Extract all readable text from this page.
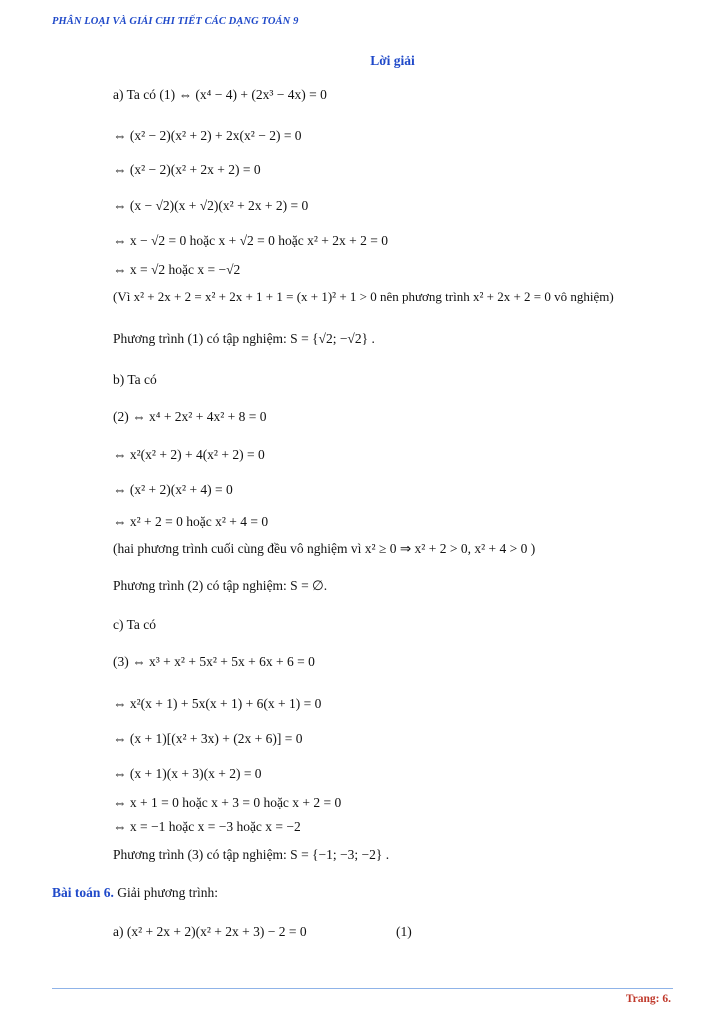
PHÂN LOẠI VÀ GIẢI CHI TIẾT CÁC DẠNG TOÁN 9
Lời giải
a) Ta có (1) ⇔ (x⁴ − 4) + (2x³ − 4x) = 0
⇔ (x² − 2)(x² + 2) + 2x(x² − 2) = 0
⇔ (x² − 2)(x² + 2x + 2) = 0
⇔ (x − √2)(x + √2)(x² + 2x + 2) = 0
⇔ x − √2 = 0 hoặc x + √2 = 0 hoặc x² + 2x + 2 = 0
⇔ x = √2 hoặc x = −√2
(Vì x² + 2x + 2 = x² + 2x + 1 + 1 = (x + 1)² + 1 > 0 nên phương trình x² + 2x + 2 = 0 vô nghiệm)
Phương trình (1) có tập nghiệm: S = {√2; −√2} .
b) Ta có
(2) ⇔ x⁴ + 2x² + 4x² + 8 = 0
⇔ x²(x² + 2) + 4(x² + 2) = 0
⇔ (x² + 2)(x² + 4) = 0
⇔ x² + 2 = 0 hoặc x² + 4 = 0
(hai phương trình cuối cùng đều vô nghiệm vì x² ≥ 0 ⇒ x² + 2 > 0, x² + 4 > 0 )
Phương trình (2) có tập nghiệm: S = ∅.
c) Ta có
(3) ⇔ x³ + x² + 5x² + 5x + 6x + 6 = 0
⇔ x²(x + 1) + 5x(x + 1) + 6(x + 1) = 0
⇔ (x + 1)[(x² + 3x) + (2x + 6)] = 0
⇔ (x + 1)(x + 3)(x + 2) = 0
⇔ x + 1 = 0 hoặc x + 3 = 0 hoặc x + 2 = 0
⇔ x = −1 hoặc x = −3 hoặc x = −2
Phương trình (3) có tập nghiệm: S = {−1; −3; −2} .
Bài toán 6. Giải phương trình:
a) (x² + 2x + 2)(x² + 2x + 3) − 2 = 0	(1)
Trang: 6.
